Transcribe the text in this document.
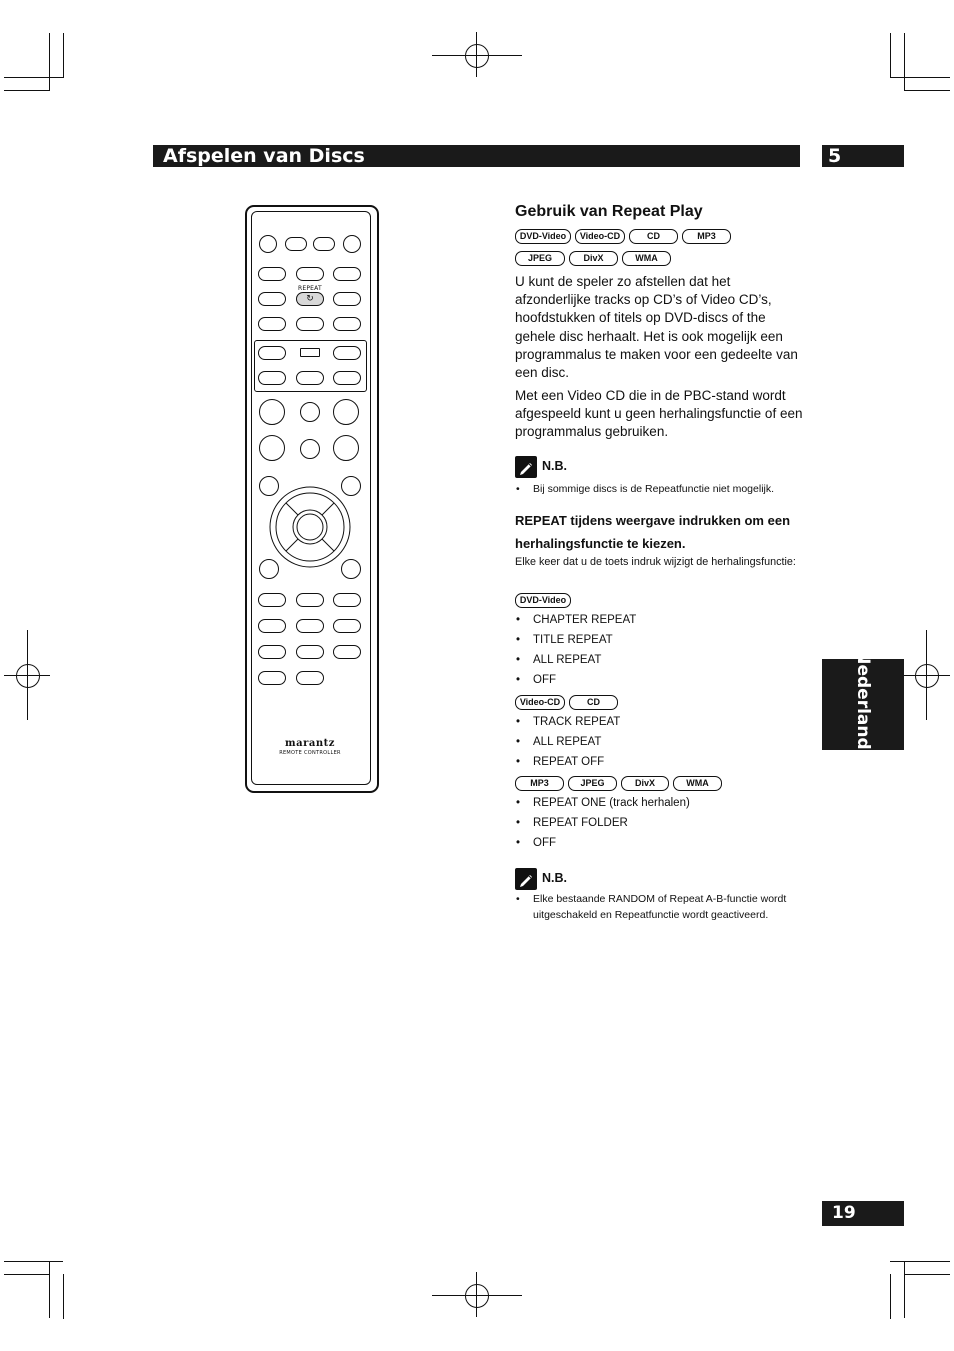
Afspelen van Discs	5
Nederlands
19
REPEAT
↻
marantz
REMOTE CONTROLLER
Gebruik van Repeat Play
DVD-Video	Video-CD	CD	MP3
JPEG	DivX	WMA

U kunt de speler zo afstellen dat het afzonderlijke tracks op CD’s of Video CD’s, hoofdstukken of titels op DVD-discs of the gehele disc herhaalt. Het is ook mogelijk een programmalus te maken voor een gedeelte van een disc.

Met een Video CD die in de PBC-stand wordt afgespeeld kunt u geen herhalingsfunctie of een programmalus gebruiken.

N.B.
• Bij sommige discs is de Repeatfunctie niet mogelijk.

REPEAT tijdens weergave indrukken om een herhalingsfunctie te kiezen.

Elke keer dat u de toets indruk wijzigt de herhalingsfunctie:

DVD-Video
• CHAPTER REPEAT
• TITLE REPEAT
• ALL REPEAT
• OFF
Video-CD	CD
• TRACK REPEAT
• ALL REPEAT
• REPEAT OFF
MP3	JPEG	DivX	WMA
• REPEAT ONE (track herhalen)
• REPEAT FOLDER
• OFF
N.B.
• Elke bestaande RANDOM of Repeat A-B-functie wordt uitgeschakeld en Repeatfunctie wordt geactiveerd.
